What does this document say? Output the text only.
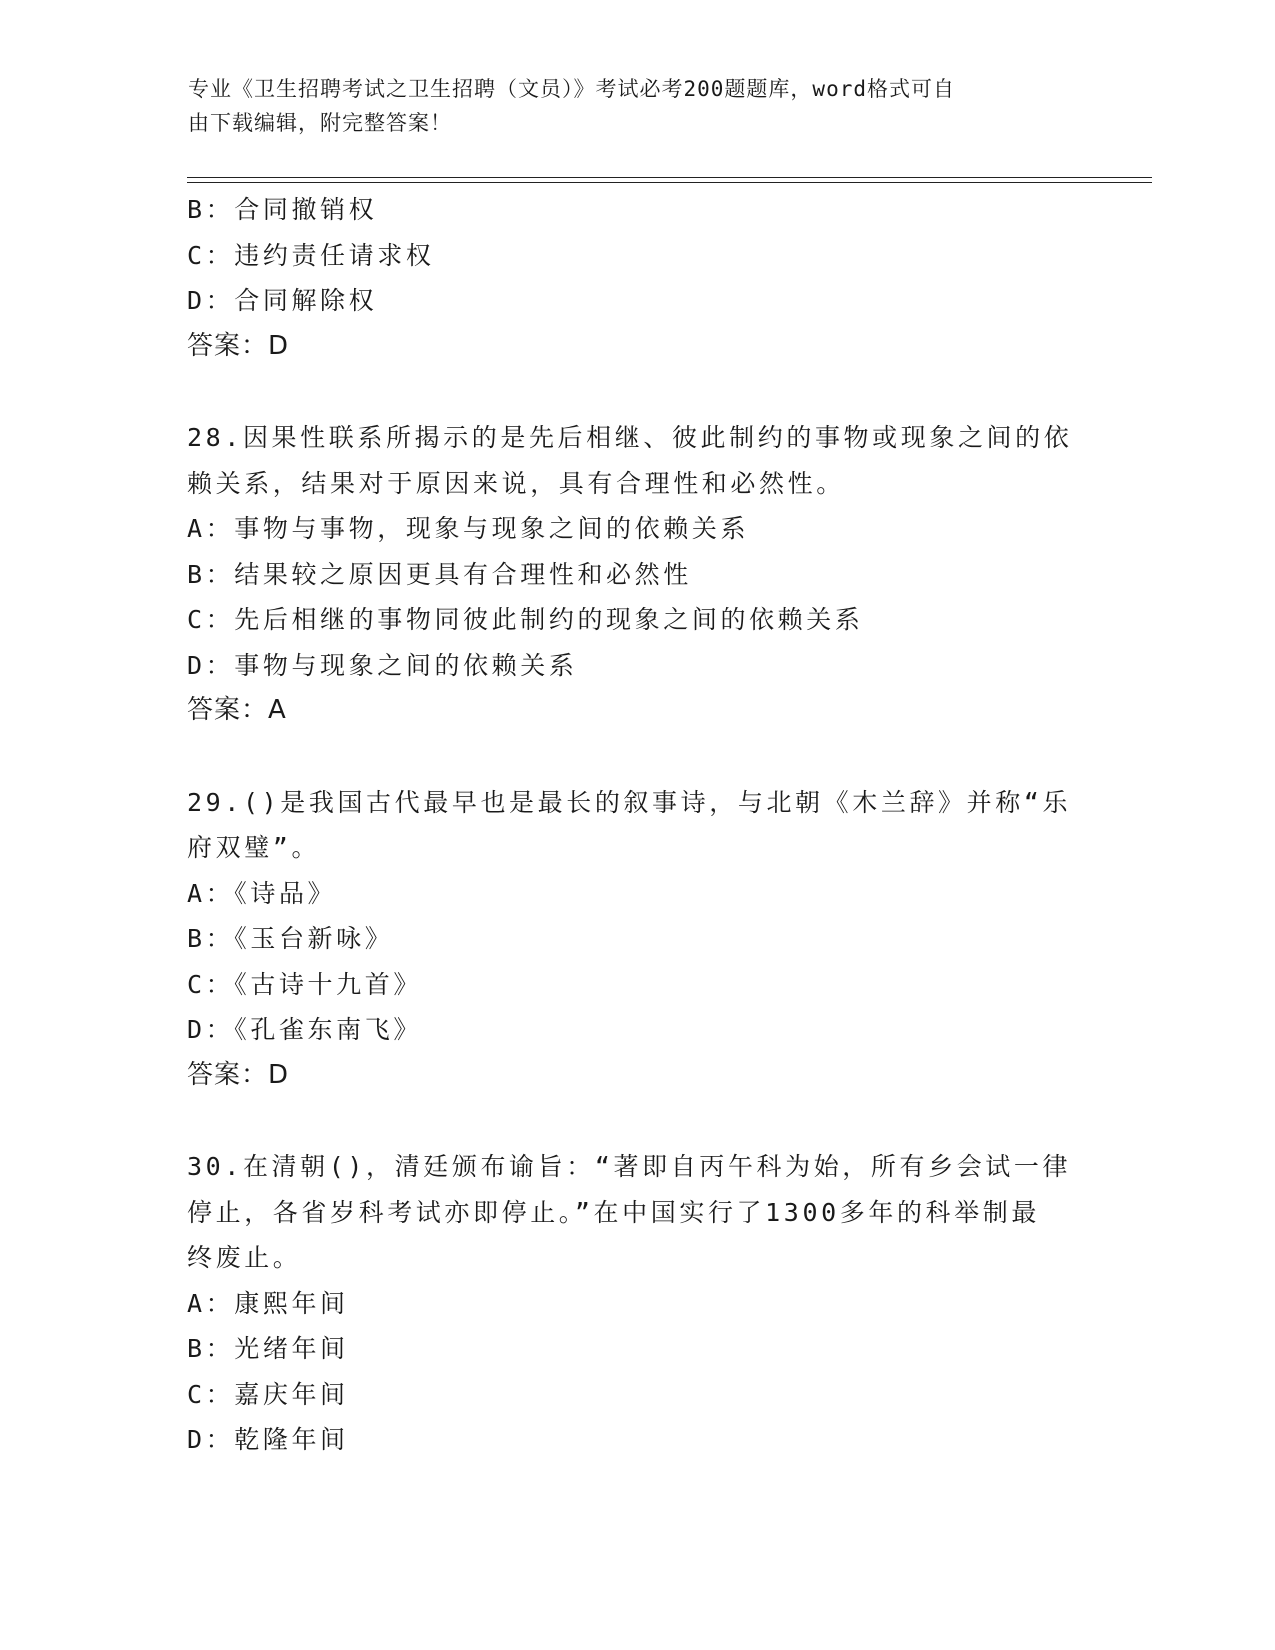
专业《卫生招聘考试之卫生招聘（文员）》考试必考200题题库，word格式可自
由下载编辑，附完整答案！
B：合同撤销权
C：违约责任请求权
D：合同解除权
答案：D
28.因果性联系所揭示的是先后相继、彼此制约的事物或现象之间的依
赖关系，结果对于原因来说，具有合理性和必然性。
A：事物与事物，现象与现象之间的依赖关系
B：结果较之原因更具有合理性和必然性
C：先后相继的事物同彼此制约的现象之间的依赖关系
D：事物与现象之间的依赖关系
答案：A
29.()是我国古代最早也是最长的叙事诗，与北朝《木兰辞》并称“乐
府双璧”。
A：《诗品》
B：《玉台新咏》
C：《古诗十九首》
D：《孔雀东南飞》
答案：D
30.在清朝()，清廷颁布谕旨：“著即自丙午科为始，所有乡会试一律
停止，各省岁科考试亦即停止。”在中国实行了1300多年的科举制最
终废止。
A：康熙年间
B：光绪年间
C：嘉庆年间
D：乾隆年间
